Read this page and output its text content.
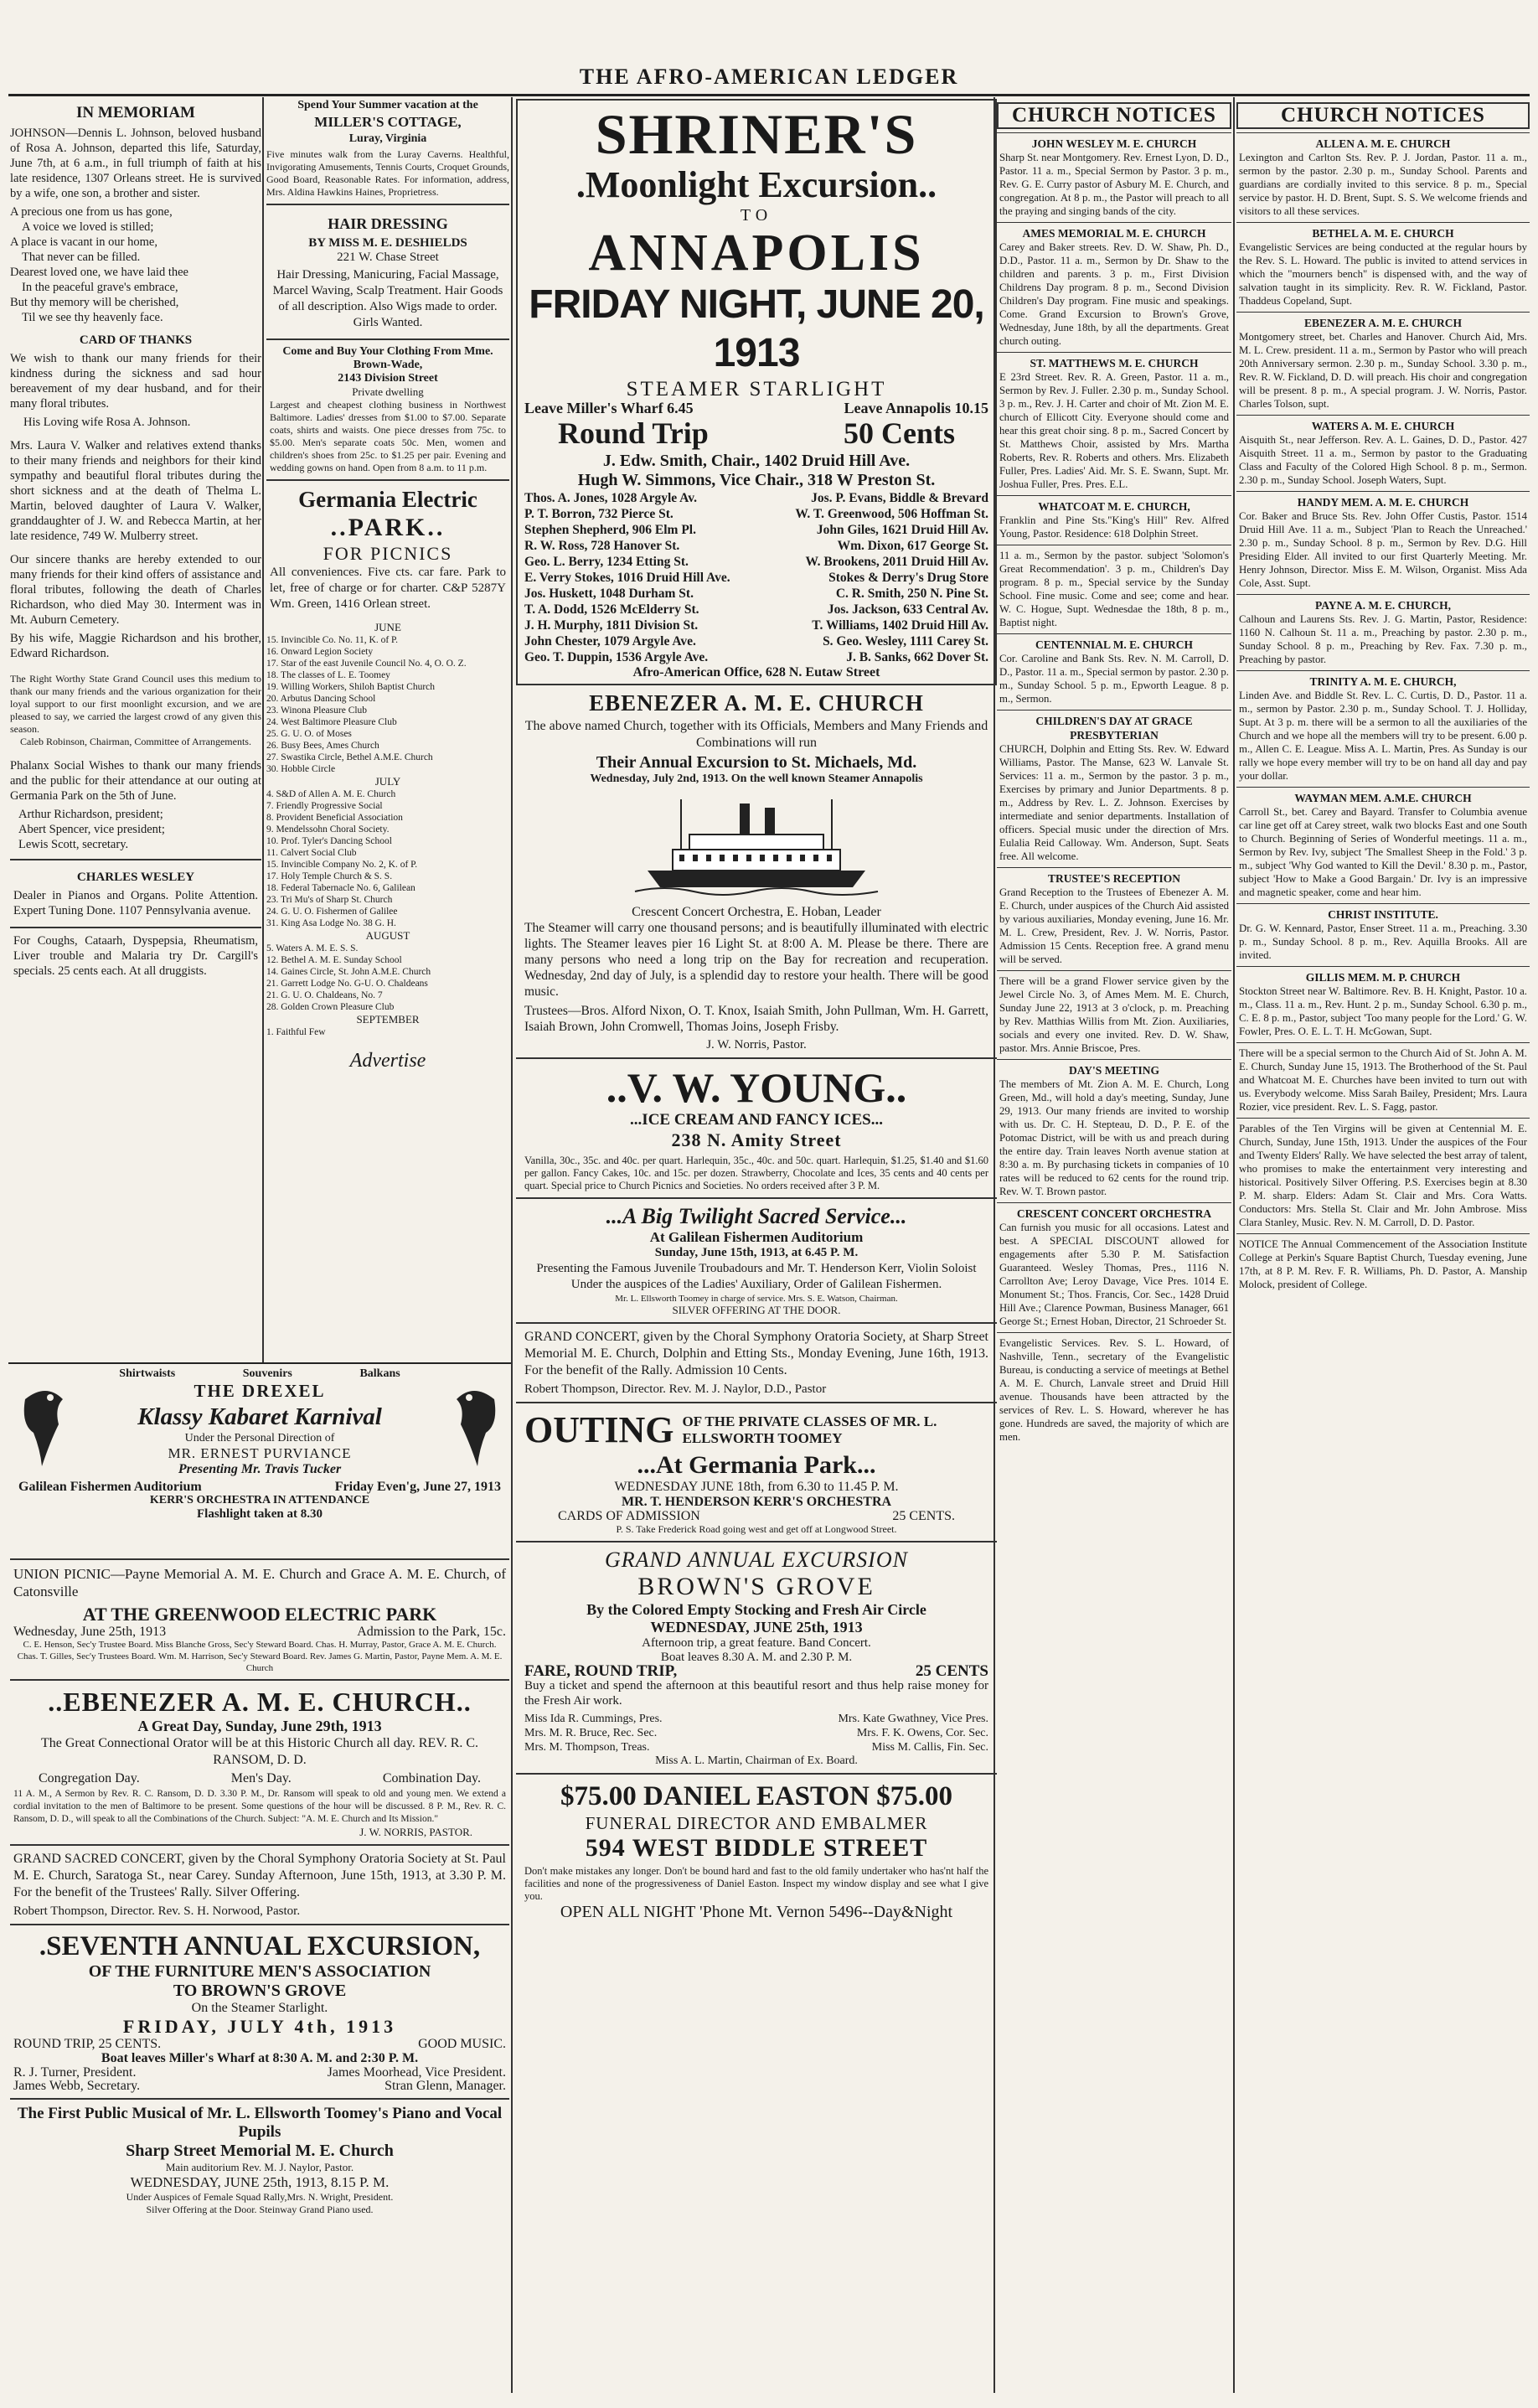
THE AFRO-AMERICAN LEDGER
IN MEMORIAM

JOHNSON—Dennis L. Johnson, beloved husband of Rosa A. Johnson, departed this life, Saturday, June 7th, at 6 a.m., in full triumph of faith at his late residence, 1307 Orleans street. He is survived by a wife, one son, a brother and sister.

A precious one from us has gone,
A voice we loved is stilled;
A place is vacant in our home,
That never can be filled.
Dearest loved one, we have laid thee
In the peaceful grave's embrace,
But thy memory will be cherished,
Til we see thy heavenly face.
CARD OF THANKS

We wish to thank our many friends for their kindness during the sickness and sad hour bereavement of my dear husband, and for their many floral tributes.

His Loving wife Rosa A. Johnson.

Mrs. Laura V. Walker and relatives extend thanks to their many friends and neighbors for their kind sympathy and beautiful floral tributes during the short sickness and at the death of Thelma L. Martin, beloved daughter of Laura V. Walker, granddaughter of J. W. and Rebecca Martin, at her late residence, 749 W. Mulberry street.

Our sincere thanks are hereby extended to our many friends for their kind offers of assistance and floral tributes, following the death of Charles Richardson, who died May 30. Interment was in Mt. Auburn Cemetery.

By his wife, Maggie Richardson and his brother, Edward Richardson.

The Right Worthy State Grand Council uses this medium to thank our many friends and the various organization for their loyal support to our first moonlight excursion, and we are pleased to say, we carried the largest crowd of any given this season.

Caleb Robinson, Chairman, Committee of Arrangements.

Phalanx Social Wishes to thank our many friends and the public for their attendance at our outing at Germania Park on the 5th of June.

Arthur Richardson, president;
Abert Spencer, vice president;
Lewis Scott, secretary.
CHARLES WESLEY

Dealer in Pianos and Organs. Polite Attention. Expert Tuning Done. 1107 Pennsylvania avenue.

For Coughs, Cataarh, Dyspepsia, Rheumatism, Liver trouble and Malaria try Dr. Cargill's specials. 25 cents each. At all druggists.

Spend Your Summer vacation at the
MILLER'S COTTAGE,
Luray, Virginia

Five minutes walk from the Luray Caverns. Healthful, Invigorating Amusements, Tennis Courts, Croquet Grounds, Good Board, Reasonable Rates. For information, address, Mrs. Aldina Hawkins Haines, Proprietress.

HAIR DRESSING
BY MISS M. E. DESHIELDS
221 W. Chase Street

Hair Dressing, Manicuring, Facial Massage, Marcel Waving, Scalp Treatment. Hair Goods of all description. Also Wigs made to order. Girls Wanted.

Come and Buy Your Clothing From Mme. Brown-Wade,
2143 Division Street
Private dwelling

Largest and cheapest clothing business in Northwest Baltimore. Ladies' dresses from $1.00 to $7.00. Separate coats, shirts and waists. One piece dresses from 75c. to $5.00. Men's separate coats 50c. Men, women and children's shoes from 25c. to $1.25 per pair. Evening and wedding gowns on hand. Open from 8 a.m. to 11 p.m.

Germania Electric
..PARK..
FOR PICNICS

All conveniences. Five cts. car fare. Park to let, free of charge or for charter. C&P 5287Y Wm. Green, 1416 Orlean street.

JUNE
15. Invincible Co. No. 11, K. of P.
16. Onward Legion Society
17. Star of the east Juvenile Council No. 4, O. O. Z.
18. The classes of L. E. Toomey
19. Willing Workers, Shiloh Baptist Church
20. Arbutus Dancing School
23. Winona Pleasure Club
24. West Baltimore Pleasure Club
25. G. U. O. of Moses
26. Busy Bees, Ames Church
27. Swastika Circle, Bethel A.M.E. Church
30. Hobble Circle
JULY
4. S&D of Allen A. M. E. Church
7. Friendly Progressive Social
8. Provident Beneficial Association
9. Mendelssohn Choral Society.
10. Prof. Tyler's Dancing School
11. Calvert Social Club
15. Invincible Company No. 2, K. of P.
17. Holy Temple Church & S. S.
18. Federal Tabernacle No. 6, Galilean
23. Tri Mu's of Sharp St. Church
24. G. U. O. Fishermen of Galilee
31. King Asa Lodge No. 38 G. H.
AUGUST
5. Waters A. M. E. S. S.
12. Bethel A. M. E. Sunday School
14. Gaines Circle, St. John A.M.E. Church
21. Garrett Lodge No. G-U. O. Chaldeans
21. G. U. O. Chaldeans, No. 7
28. Golden Crown Pleasure Club
SEPTEMBER
1. Faithful Few
Advertise
Shirtwaists	Souvenirs	Balkans
THE DREXEL
Klassy Kabaret Karnival
Under the Personal Direction of
MR. ERNEST PURVIANCE
Presenting Mr. Travis Tucker
Galilean Fishermen Auditorium	Friday Even'g, June 27, 1913
KERR'S ORCHESTRA IN ATTENDANCE
Flashlight taken at 8.30

UNION PICNIC—Payne Memorial A. M. E. Church and Grace A. M. E. Church, of Catonsville

AT THE GREENWOOD ELECTRIC PARK
Wednesday, June 25th, 1913	Admission to the Park, 15c.

C. E. Henson, Sec'y Trustee Board. Miss Blanche Gross, Sec'y Steward Board. Chas. H. Murray, Pastor, Grace A. M. E. Church. Chas. T. Gilles, Sec'y Trustees Board. Wm. M. Harrison, Sec'y Steward Board. Rev. James G. Martin, Pastor, Payne Mem. A. M. E. Church

..EBENEZER A. M. E. CHURCH..
A Great Day, Sunday, June 29th, 1913

The Great Connectional Orator will be at this Historic Church all day. REV. R. C. RANSOM, D. D.

Congregation Day.	Men's Day.	Combination Day.

11 A. M., A Sermon by Rev. R. C. Ransom, D. D. 3.30 P. M., Dr. Ransom will speak to old and young men. We extend a cordial invitation to the men of Baltimore to be present. Some questions of the hour will be discussed. 8 P. M., Rev. R. C. Ransom, D. D., will speak to all the Combinations of the Church. Subject: "A. M. E. Church and Its Mission."

J. W. NORRIS, PASTOR.

GRAND SACRED CONCERT, given by the Choral Symphony Oratoria Society at St. Paul M. E. Church, Saratoga St., near Carey. Sunday Afternoon, June 15th, 1913, at 3.30 P. M. For the benefit of the Trustees' Rally. Silver Offering.

Robert Thompson, Director. Rev. S. H. Norwood, Pastor.
.SEVENTH ANNUAL EXCURSION,
OF THE FURNITURE MEN'S ASSOCIATION
TO BROWN'S GROVE
On the Steamer Starlight.
FRIDAY, JULY 4th, 1913
ROUND TRIP, 25 CENTS.	GOOD MUSIC.
Boat leaves Miller's Wharf at 8:30 A. M. and 2:30 P. M.
R. J. Turner, President.	James Moorhead, Vice President.
James Webb, Secretary.	Stran Glenn, Manager.
The First Public Musical of Mr. L. Ellsworth Toomey's Piano and Vocal Pupils
Sharp Street Memorial M. E. Church
Main auditorium Rev. M. J. Naylor, Pastor.
WEDNESDAY, JUNE 25th, 1913, 8.15 P. M.
Under Auspices of Female Squad Rally,Mrs. N. Wright, President.
Silver Offering at the Door. Steinway Grand Piano used.
SHRINER'S
.Moonlight Excursion..
TO
ANNAPOLIS
FRIDAY NIGHT, JUNE 20, 1913
STEAMER STARLIGHT
Leave Miller's Wharf 6.45	Leave Annapolis 10.15
Round Trip	50 Cents
J. Edw. Smith, Chair., 1402 Druid Hill Ave.
Hugh W. Simmons, Vice Chair., 318 W Preston St.
Thos. A. Jones, 1028 Argyle Av.	Jos. P. Evans, Biddle & Brevard
P. T. Borron, 732 Pierce St.	W. T. Greenwood, 506 Hoffman St.
Stephen Shepherd, 906 Elm Pl.	John Giles, 1621 Druid Hill Av.
R. W. Ross, 728 Hanover St.	Wm. Dixon, 617 George St.
Geo. L. Berry, 1234 Etting St.	W. Brookens, 2011 Druid Hill Av.
E. Verry Stokes, 1016 Druid Hill Ave.	Stokes & Derry's Drug Store
Jos. Huskett, 1048 Durham St.	C. R. Smith, 250 N. Pine St.
T. A. Dodd, 1526 McElderry St.	Jos. Jackson, 633 Central Av.
J. H. Murphy, 1811 Division St.	T. Williams, 1402 Druid Hill Av.
John Chester, 1079 Argyle Ave.	S. Geo. Wesley, 1111 Carey St.
Geo. T. Duppin, 1536 Argyle Ave.	J. B. Sanks, 662 Dover St.
Afro-American Office, 628 N. Eutaw Street
EBENEZER A. M. E. CHURCH

The above named Church, together with its Officials, Members and Many Friends and Combinations will run

Their Annual Excursion to St. Michaels, Md.
Wednesday, July 2nd, 1913. On the well known Steamer Annapolis
Crescent Concert Orchestra, E. Hoban, Leader

The Steamer will carry one thousand persons; and is beautifully illuminated with electric lights. The Steamer leaves pier 16 Light St. at 8:00 A. M. Please be there. There are many persons who need a long trip on the Bay for recreation and recuperation. Wednesday, 2nd day of July, is a splendid day to restore your health. There will be good music.

Trustees—Bros. Alford Nixon, O. T. Knox, Isaiah Smith, John Pullman, Wm. H. Garrett, Isaiah Brown, John Cromwell, Thomas Joins, Joseph Frisby.

J. W. Norris, Pastor.
..V. W. YOUNG..
...ICE CREAM AND FANCY ICES...
238 N. Amity Street

Vanilla, 30c., 35c. and 40c. per quart. Harlequin, 35c., 40c. and 50c. quart. Harlequin, $1.25, $1.40 and $1.60 per gallon. Fancy Cakes, 10c. and 15c. per dozen. Strawberry, Chocolate and Ices, 35 cents and 40 cents per quart. Special price to Church Picnics and Societies. No orders received after 3 P. M.

...A Big Twilight Sacred Service...
At Galilean Fishermen Auditorium
Sunday, June 15th, 1913, at 6.45 P. M.

Presenting the Famous Juvenile Troubadours and Mr. T. Henderson Kerr, Violin Soloist

Under the auspices of the Ladies' Auxiliary, Order of Galilean Fishermen.

Mr. L. Ellsworth Toomey in charge of service. Mrs. S. E. Watson, Chairman.
SILVER OFFERING AT THE DOOR.

GRAND CONCERT, given by the Choral Symphony Oratoria Society, at Sharp Street Memorial M. E. Church, Dolphin and Etting Sts., Monday Evening, June 16th, 1913. For the benefit of the Rally. Admission 10 Cents.

Robert Thompson, Director. Rev. M. J. Naylor, D.D., Pastor
OUTING OF THE PRIVATE CLASSES OF MR. L. ELLSWORTH TOOMEY
...At Germania Park...
WEDNESDAY JUNE 18th, from 6.30 to 11.45 P. M.
MR. T. HENDERSON KERR'S ORCHESTRA
CARDS OF ADMISSION	25 CENTS.
P. S. Take Frederick Road going west and get off at Longwood Street.
GRAND ANNUAL EXCURSION
BROWN'S GROVE
By the Colored Empty Stocking and Fresh Air Circle
WEDNESDAY, JUNE 25th, 1913
Afternoon trip, a great feature. Band Concert.
Boat leaves 8.30 A. M. and 2.30 P. M.
FARE, ROUND TRIP,	25 CENTS

Buy a ticket and spend the afternoon at this beautiful resort and thus help raise money for the Fresh Air work.

Miss Ida R. Cummings, Pres.	Mrs. Kate Gwathney, Vice Pres.
Mrs. M. R. Bruce, Rec. Sec.	Mrs. F. K. Owens, Cor. Sec.
Mrs. M. Thompson, Treas.	Miss M. Callis, Fin. Sec.
Miss A. L. Martin, Chairman of Ex. Board.
$75.00 DANIEL EASTON $75.00
FUNERAL DIRECTOR AND EMBALMER
594 WEST BIDDLE STREET

Don't make mistakes any longer. Don't be bound hard and fast to the old family undertaker who has'nt half the facilities and none of the progressiveness of Daniel Easton. Inspect my window display and see what I give you.

OPEN ALL NIGHT 'Phone Mt. Vernon 5496--Day&Night
CHURCH NOTICES
JOHN WESLEY M. E. CHURCH

Sharp St. near Montgomery. Rev. Ernest Lyon, D. D., Pastor. 11 a. m., Special Sermon by Pastor. 3 p. m., Rev. G. E. Curry pastor of Asbury M. E. Church, and congregation. At 8 p. m., the Pastor will preach to all the praying and singing bands of the city.

AMES MEMORIAL M. E. CHURCH

Carey and Baker streets. Rev. D. W. Shaw, Ph. D., D.D., Pastor. 11 a. m., Sermon by Dr. Shaw to the children and parents. 3 p. m., First Division Childrens Day program. 8 p. m., Second Division Children's Day program. Fine music and speakings. Come. Grand Excursion to Brown's Grove, Wednesday, June 18th, by all the departments. Great church outing.

ST. MATTHEWS M. E. CHURCH

E 23rd Street. Rev. R. A. Green, Pastor. 11 a. m., Sermon by Rev. J. Fuller. 2.30 p. m., Sunday School. 3 p. m., Rev. J. H. Carter and choir of Mt. Zion M. E. church of Ellicott City. Everyone should come and hear this great choir sing. 8 p. m., Sacred Concert by St. Matthews Choir, assisted by Mrs. Martha Roberts, Rev. R. Roberts and others. Mrs. Elizabeth Fuller, Pres. Ladies' Aid. Mr. S. E. Swann, Supt. Mr. Joshua Fuller, Pres. Pres. E.L.

WHATCOAT M. E. CHURCH,

Franklin and Pine Sts."King's Hill" Rev. Alfred Young, Pastor. Residence: 618 Dolphin Street.

11 a. m., Sermon by the pastor. subject 'Solomon's Great Recommendation'. 3 p. m., Children's Day program. 8 p. m., Special service by the Sunday School. Fine music. Come and see; come and hear. W. C. Hogue, Supt. Wednesdae the 18th, 8 p. m., Baptist night.

CENTENNIAL M. E. CHURCH

Cor. Caroline and Bank Sts. Rev. N. M. Carroll, D. D., Pastor. 11 a. m., Special sermon by pastor. 2.30 p. m., Sunday School. 5 p. m., Epworth League. 8 p. m., Sermon.

CHILDREN'S DAY AT GRACE PRESBYTERIAN

CHURCH, Dolphin and Etting Sts. Rev. W. Edward Williams, Pastor. The Manse, 623 W. Lanvale St. Services: 11 a. m., Sermon by the pastor. 3 p. m., Exercises by primary and Junior Departments. 8 p. m., Address by Rev. L. Z. Johnson. Exercises by intermediate and senior departments. Installation of officers. Special music under the direction of Mrs. Eulalia Reid Calloway. Wm. Anderson, Supt. Seats free. All welcome.

TRUSTEE'S RECEPTION

Grand Reception to the Trustees of Ebenezer A. M. E. Church, under auspices of the Church Aid assisted by various auxiliaries, Monday evening, June 16. Mr. M. L. Crew, President, Rev. J. W. Norris, Pastor. Admission 15 Cents. Reception free. A grand menu will be served.

There will be a grand Flower service given by the Jewel Circle No. 3, of Ames Mem. M. E. Church, Sunday June 22, 1913 at 3 o'clock, p. m. Preaching by Rev. Matthias Willis from Mt. Zion. Auxiliaries, socials and every one invited. Rev. D. W. Shaw, pastor. Mrs. Annie Briscoe, Pres.

DAY'S MEETING

The members of Mt. Zion A. M. E. Church, Long Green, Md., will hold a day's meeting, Sunday, June 29, 1913. Our many friends are invited to worship with us. Dr. C. H. Stepteau, D. D., P. E. of the Potomac District, will be with us and preach during the entire day. Train leaves North avenue station at 8:30 a. m. By purchasing tickets in companies of 10 rates will be reduced to 62 cents for the round trip. Rev. W. T. Brown pastor.

CRESCENT CONCERT ORCHESTRA

Can furnish you music for all occasions. Latest and best. A SPECIAL DISCOUNT allowed for engagements after 5.30 P. M. Satisfaction Guaranteed. Wesley Thomas, Pres., 1116 N. Carrollton Ave; Leroy Davage, Vice Pres. 1014 E. Monument St.; Thos. Francis, Cor. Sec., 1428 Druid Hill Ave.; Clarence Powman, Business Manager, 661 George St.; Ernest Hoban, Director, 21 Schroeder St.

Evangelistic Services. Rev. S. L. Howard, of Nashville, Tenn., secretary of the Evangelistic Bureau, is conducting a service of meetings at Bethel A. M. E. Church, Lanvale street and Druid Hill avenue. Thousands have been attracted by the services of Rev. L. S. Howard, wherever he has gone. Hundreds are saved, the majority of which are men.

CHURCH NOTICES
ALLEN A. M. E. CHURCH

Lexington and Carlton Sts. Rev. P. J. Jordan, Pastor. 11 a. m., sermon by the pastor. 2.30 p. m., Sunday School. Parents and guardians are cordially invited to this service. 8 p. m., Special service by pastor. H. D. Brent, Supt. S. S. We welcome friends and visitors to all these services.

BETHEL A. M. E. CHURCH

Evangelistic Services are being conducted at the regular hours by the Rev. S. L. Howard. The public is invited to attend services in which the "mourners bench" is dispensed with, and the way of salvation taught in its simplicity. Rev. R. W. Fickland, Pastor. Thaddeus Copeland, Supt.

EBENEZER A. M. E. CHURCH

Montgomery street, bet. Charles and Hanover. Church Aid, Mrs. M. L. Crew. president. 11 a. m., Sermon by Pastor who will preach 20th Anniversary sermon. 2.30 p. m., Sunday School. 3.30 p. m., Rev. R. W. Fickland, D. D. will preach. His choir and congregation will be present. 8 p. m., A special program. J. W. Norris, Pastor. Charles Tolson, supt.

WATERS A. M. E. CHURCH

Aisquith St., near Jefferson. Rev. A. L. Gaines, D. D., Pastor. 427 Aisquith Street. 11 a. m., Sermon by pastor to the Graduating Class and Faculty of the Colored High School. 8 p. m., Sermon. 2.30 p. m., Sunday School. Joseph Waters, Supt.

HANDY MEM. A. M. E. CHURCH

Cor. Baker and Bruce Sts. Rev. John Offer Custis, Pastor. 1514 Druid Hill Ave. 11 a. m., Subject 'Plan to Reach the Unreached.' 2.30 p. m., Sunday School. 8 p. m., Sermon by Rev. D.G. Hill Presiding Elder. All invited to our first Quarterly Meeting. Mr. Henry Johnson, Director. Miss E. M. Wilson, Organist. Miss Ada Cole, Asst. Supt.

PAYNE A. M. E. CHURCH,

Calhoun and Laurens Sts. Rev. J. G. Martin, Pastor, Residence: 1160 N. Calhoun St. 11 a. m., Preaching by pastor. 2.30 p. m., Sunday School. 8 p. m., Preaching by Rev. Fax. 7.30 p. m., Preaching by pastor.

TRINITY A. M. E. CHURCH,

Linden Ave. and Biddle St. Rev. L. C. Curtis, D. D., Pastor. 11 a. m., sermon by Pastor. 2.30 p. m., Sunday School. T. J. Holliday, Supt. At 3 p. m. there will be a sermon to all the auxiliaries of the Church and we hope all the members will try to be present. 6.00 p. m., Allen C. E. League. Miss A. L. Martin, Pres. As Sunday is our rally we hope every member will try to be on hand all day and pay your dollar.

WAYMAN MEM. A.M.E. CHURCH

Carroll St., bet. Carey and Bayard. Transfer to Columbia avenue car line get off at Carey street, walk two blocks East and one South to Church. Beginning of Series of Wonderful meetings. 11 a. m., Sermon by Rev. Ivy, subject 'The Smallest Sheep in the Fold.' 3 p. m., subject 'Why God wanted to Kill the Devil.' 8.30 p. m., Pastor, subject 'How to Make a Good Bargain.' Dr. Ivy is an impressive and magnetic speaker, come and hear him.

CHRIST INSTITUTE.

Dr. G. W. Kennard, Pastor, Enser Street. 11 a. m., Preaching. 3.30 p. m., Sunday School. 8 p. m., Rev. Aquilla Brooks. All are invited.

GILLIS MEM. M. P. CHURCH

Stockton Street near W. Baltimore. Rev. B. H. Knight, Pastor. 10 a. m., Class. 11 a. m., Rev. Hunt. 2 p. m., Sunday School. 6.30 p. m., C. E. 8 p. m., Pastor, subject 'Too many people for the Lord.' G. W. Fowler, Pres. O. E. L. T. H. McGowan, Supt.

There will be a special sermon to the Church Aid of St. John A. M. E. Church, Sunday June 15, 1913. The Brotherhood of the St. Paul and Whatcoat M. E. Churches have been invited to turn out with us. Everybody welcome. Miss Sarah Bailey, President; Mrs. Laura Rozier, vice president. Rev. L. S. Fagg, pastor.

Parables of the Ten Virgins will be given at Centennial M. E. Church, Sunday, June 15th, 1913. Under the auspices of the Four and Twenty Elders' Rally. We have selected the best array of talent, who promises to make the entertainment very interesting and historical. Positively Silver Offering. P.S. Exercises begin at 8.30 P. M. sharp. Elders: Adam St. Clair and Mrs. Cora Watts. Conductors: Mrs. Stella St. Clair and Mr. John Ambrose. Miss Clara Stanley, Music. Rev. N. M. Carroll, D. D. Pastor.

NOTICE The Annual Commencement of the Association Institute College at Perkin's Square Baptist Church, Tuesday evening, June 17th, at 8 P. M. Rev. F. R. Williams, Ph. D. Pastor, A. Manship Molock, president of College.
